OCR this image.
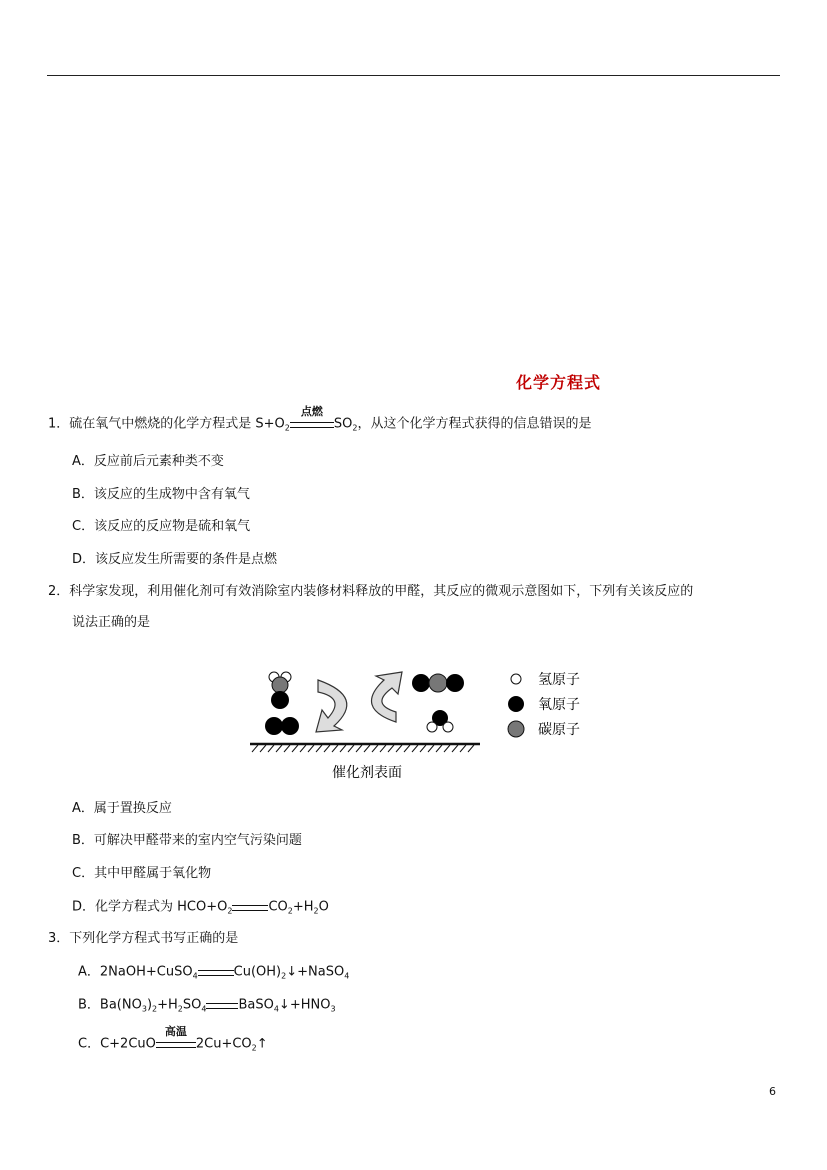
化学方程式
1．硫在氧气中燃烧的化学方程式是 $S+O_2$
点燃
$SO_2$，从这个化学方程式获得的信息错误的是
A．反应前后元素种类不变
B．该反应的生成物中含有氧气
C．该反应的反应物是硫和氧气
D．该反应发生所需要的条件是点燃
2．科学家发现，利用催化剂可有效消除室内装修材料释放的甲醛，其反应的微观示意图如下，下列有关该反应的
说法正确的是
氢原子
氧原子
碳原子
催化剂表面
A．属于置换反应
B．可解决甲醛带来的室内空气污染问题
C．其中甲醛属于氧化物
D．化学方程式为 $HCO+O_2$	$CO_2+H_2O$
3．下列化学方程式书写正确的是
A．2NaOH+CuSO$_4$	$Cu(OH)_2↓+NaSO_4$
B．$Ba(NO_3)_2+H_2SO_4$ $BaSO_4↓+HNO_3$
C．C+2CuO
高温
$2Cu+CO_2↑$
6
